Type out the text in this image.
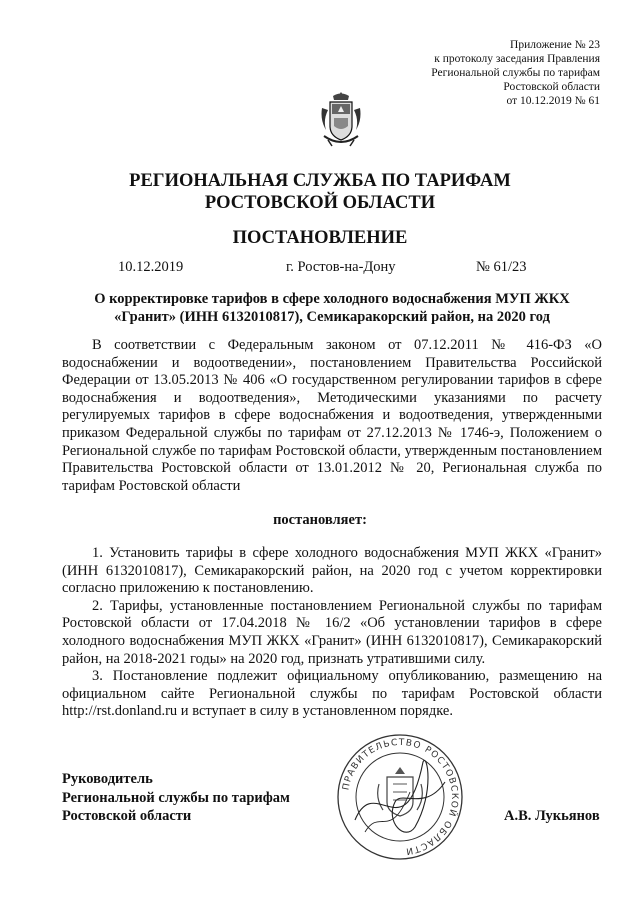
Приложение № 23
к протоколу заседания Правления
Региональной службы по тарифам
Ростовской области
от 10.12.2019 № 61
РЕГИОНАЛЬНАЯ СЛУЖБА ПО ТАРИФАМ
РОСТОВСКОЙ ОБЛАСТИ
ПОСТАНОВЛЕНИЕ
10.12.2019	г. Ростов-на-Дону	№ 61/23
О корректировке тарифов в сфере холодного водоснабжения МУП ЖКХ
«Гранит» (ИНН 6132010817), Семикаракорский район, на 2020 год

В соответствии с Федеральным законом от 07.12.2011 № 416-ФЗ «О водоснабжении и водоотведении», постановлением Правительства Российской Федерации от 13.05.2013 № 406 «О государственном регулировании тарифов в сфере водоснабжения и водоотведения», Методическими указаниями по расчету регулируемых тарифов в сфере водоснабжения и водоотведения, утвержденными приказом Федеральной службы по тарифам от 27.12.2013 № 1746-э, Положением о Региональной службе по тарифам Ростовской области, утвержденным постановлением Правительства Ростовской области от 13.01.2012 № 20, Региональная служба по тарифам Ростовской области

постановляет:

1. Установить тарифы в сфере холодного водоснабжения МУП ЖКХ «Гранит» (ИНН 6132010817), Семикаракорский район, на 2020 год с учетом корректировки согласно приложению к постановлению.

2. Тарифы, установленные постановлением Региональной службы по тарифам Ростовской области от 17.04.2018 № 16/2 «Об установлении тарифов в сфере холодного водоснабжения МУП ЖКХ «Гранит» (ИНН 6132010817), Семикаракорский район, на 2018-2021 годы» на 2020 год, признать утратившими силу.

3. Постановление подлежит официальному опубликованию, размещению на официальном сайте Региональной службы по тарифам Ростовской области http://rst.donland.ru и вступает в силу в установленном порядке.

Руководитель
Региональной службы по тарифам
Ростовской области
ПРАВИТЕЛЬСТВО РОСТОВСКОЙ ОБЛАСТИ
А.В. Лукьянов
